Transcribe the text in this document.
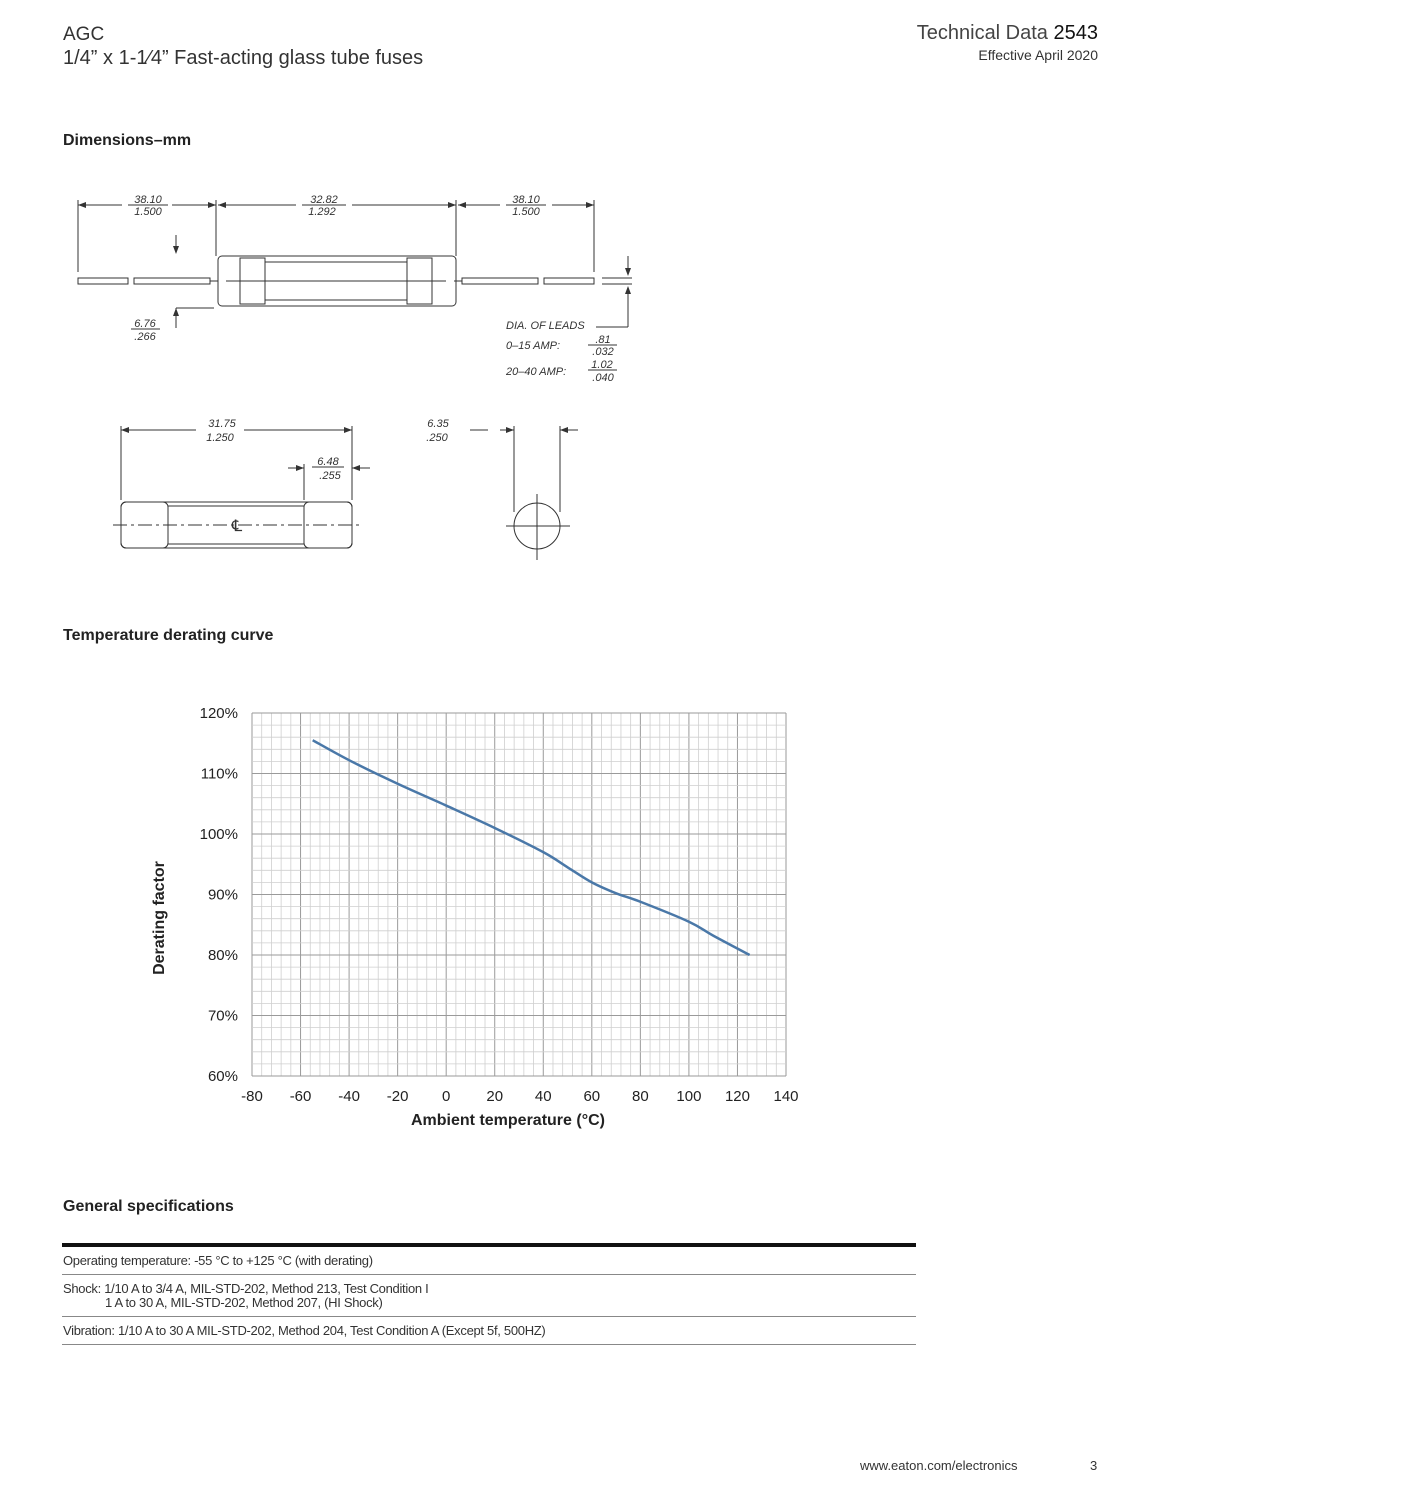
AGC
1/4” x 1-1⁄4” Fast-acting glass tube fuses
Technical Data 2543
Effective April 2020
Dimensions–mm
38.10
1.500
32.82
1.292
38.10
1.500
6.76
.266
DIA. OF LEADS
0–15 AMP:	.81
.032
20–40 AMP:
1.02
.040
31.75
1.250
6.48
.255
6.35
.250
℄
Temperature derating curve
120%
110%
100%
90%
80%
70%
60%
-80 -60 -40 -20 0 20 40 60 80 100 120 140
Derating factor
Ambient temperature (°C)
General specifications
Operating temperature: -55 °C to +125 °C (with derating)
Shock: 1/10 A to 3/4 A, MIL-STD-202, Method 213, Test Condition I
1 A to 30 A, MIL-STD-202, Method 207, (HI Shock)
Vibration: 1/10 A to 30 A MIL-STD-202, Method 204, Test Condition A (Except 5f, 500HZ)
www.eaton.com/electronics	3
